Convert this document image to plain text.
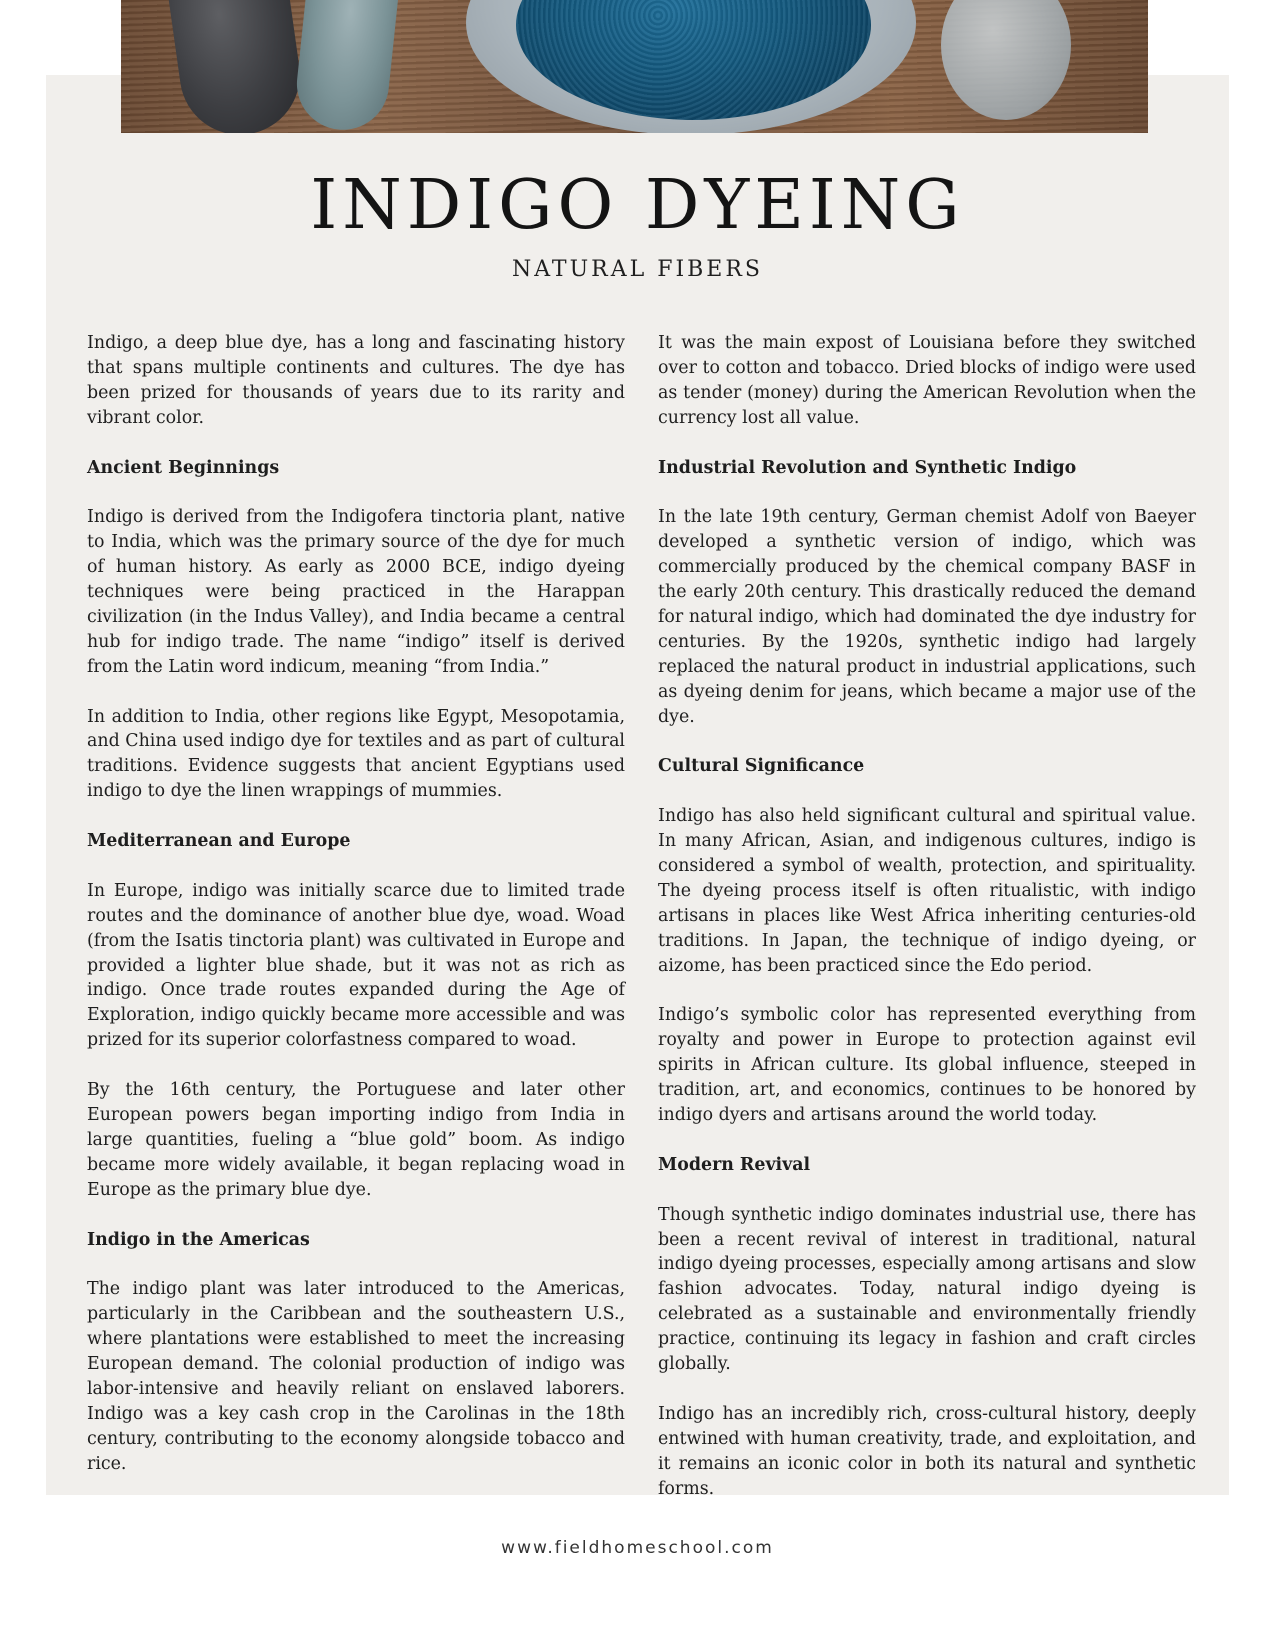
INDIGO DYEING
NATURAL FIBERS

Indigo, a deep blue dye, has a long and fascinating history that spans multiple continents and cultures. The dye has been prized for thousands of years due to its rarity and vibrant color.

Ancient Beginnings

Indigo is derived from the Indigofera tinctoria plant, native to India, which was the primary source of the dye for much of human history. As early as 2000 BCE, indigo dyeing techniques were being practiced in the Harappan civilization (in the Indus Valley), and India became a central hub for indigo trade. The name “indigo” itself is derived from the Latin word indicum, meaning “from India.”

In addition to India, other regions like Egypt, Mesopotamia, and China used indigo dye for textiles and as part of cultural traditions. Evidence suggests that ancient Egyptians used indigo to dye the linen wrappings of mummies.

Mediterranean and Europe

In Europe, indigo was initially scarce due to limited trade routes and the dominance of another blue dye, woad. Woad (from the Isatis tinctoria plant) was cultivated in Europe and provided a lighter blue shade, but it was not as rich as indigo. Once trade routes expanded during the Age of Exploration, indigo quickly became more accessible and was prized for its superior colorfastness compared to woad.

By the 16th century, the Portuguese and later other European powers began importing indigo from India in large quantities, fueling a “blue gold” boom. As indigo became more widely available, it began replacing woad in Europe as the primary blue dye.

Indigo in the Americas

The indigo plant was later introduced to the Americas, particularly in the Caribbean and the southeastern U.S., where plantations were established to meet the increasing European demand. The colonial production of indigo was labor-intensive and heavily reliant on enslaved laborers. Indigo was a key cash crop in the Carolinas in the 18th century, contributing to the economy alongside tobacco and rice.

It was the main expost of Louisiana before they switched over to cotton and tobacco. Dried blocks of indigo were used as tender (money) during the American Revolution when the currency lost all value.

Industrial Revolution and Synthetic Indigo

In the late 19th century, German chemist Adolf von Baeyer developed a synthetic version of indigo, which was commercially produced by the chemical company BASF in the early 20th century. This drastically reduced the demand for natural indigo, which had dominated the dye industry for centuries. By the 1920s, synthetic indigo had largely replaced the natural product in industrial applications, such as dyeing denim for jeans, which became a major use of the dye.

Cultural Significance

Indigo has also held significant cultural and spiritual value. In many African, Asian, and indigenous cultures, indigo is considered a symbol of wealth, protection, and spirituality. The dyeing process itself is often ritualistic, with indigo artisans in places like West Africa inheriting centuries-old traditions. In Japan, the technique of indigo dyeing, or aizome, has been practiced since the Edo period.

Indigo’s symbolic color has represented everything from royalty and power in Europe to protection against evil spirits in African culture. Its global influence, steeped in tradition, art, and economics, continues to be honored by indigo dyers and artisans around the world today.

Modern Revival

Though synthetic indigo dominates industrial use, there has been a recent revival of interest in traditional, natural indigo dyeing processes, especially among artisans and slow fashion advocates. Today, natural indigo dyeing is celebrated as a sustainable and environmentally friendly practice, continuing its legacy in fashion and craft circles globally.

Indigo has an incredibly rich, cross-cultural history, deeply entwined with human creativity, trade, and exploitation, and it remains an iconic color in both its natural and synthetic forms.

www.fieldhomeschool.com
